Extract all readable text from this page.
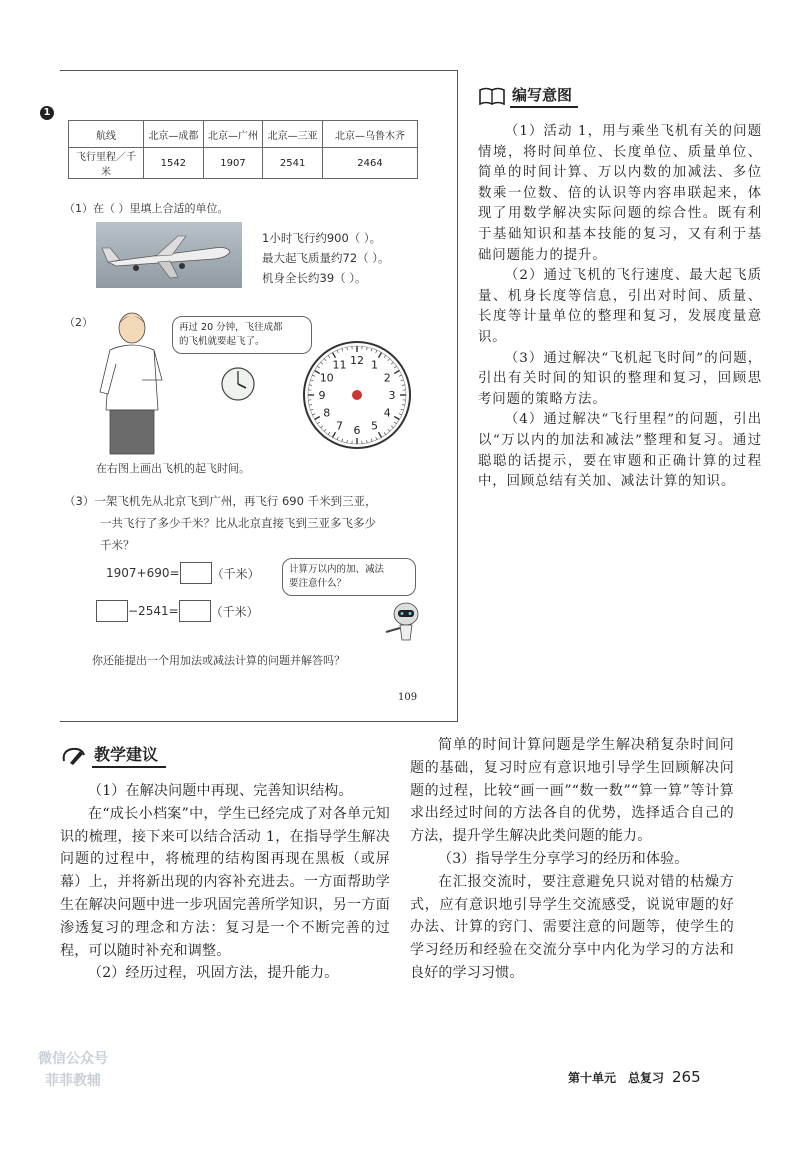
1
航线	北京—成都	北京—广州	北京—三亚	北京—乌鲁木齐
飞行里程／千米	1542	1907	2541	2464
（1）在（ ）里填上合适的单位。
1小时飞行约900（ ）。
最大起飞质量约72（ ）。
机身全长约39（ ）。
（2）	再过 20 分钟，飞往成都
的飞机就要起飞了。
12 1
2
3
4
5
6
7
8
9
10
11
在右图上画出飞机的起飞时间。
（3）一架飞机先从北京飞到广州，再飞行 690 千米到三亚，
一共飞行了多少千米？比从北京直接飞到三亚多飞多少
千米？
1907+690=	（千米）
−2541=	（千米）
计算万以内的加、减法
要注意什么？
你还能提出一个用加法或减法计算的问题并解答吗？
109
编写意图

（1）活动 1，用与乘坐飞机有关的问题情境，将时间单位、长度单位、质量单位、简单的时间计算、万以内数的加减法、多位数乘一位数、倍的认识等内容串联起来，体现了用数学解决实际问题的综合性。既有利于基础知识和基本技能的复习，又有利于基础问题能力的提升。

（2）通过飞机的飞行速度、最大起飞质量、机身长度等信息，引出对时间、质量、长度等计量单位的整理和复习，发展度量意识。

（3）通过解决“飞机起飞时间”的问题，引出有关时间的知识的整理和复习，回顾思考问题的策略方法。

（4）通过解决“飞行里程”的问题，引出以“万以内的加法和减法”整理和复习。通过聪聪的话提示，要在审题和正确计算的过程中，回顾总结有关加、减法计算的知识。

教学建议

（1）在解决问题中再现、完善知识结构。

在“成长小档案”中，学生已经完成了对各单元知识的梳理，接下来可以结合活动 1，在指导学生解决问题的过程中，将梳理的结构图再现在黑板（或屏幕）上，并将新出现的内容补充进去。一方面帮助学生在解决问题中进一步巩固完善所学知识，另一方面渗透复习的理念和方法：复习是一个不断完善的过程，可以随时补充和调整。

（2）经历过程，巩固方法，提升能力。

简单的时间计算问题是学生解决稍复杂时间问题的基础，复习时应有意识地引导学生回顾解决问题的过程，比较“画一画”“数一数”“算一算”等计算求出经过时间的方法各自的优势，选择适合自己的方法，提升学生解决此类问题的能力。

（3）指导学生分享学习的经历和体验。

在汇报交流时，要注意避免只说对错的枯燥方式，应有意识地引导学生交流感受，说说审题的好办法、计算的窍门、需要注意的问题等，使学生的学习经历和经验在交流分享中内化为学习的方法和良好的学习习惯。

微信公众号
菲菲教辅	第十单元　总复习 265
